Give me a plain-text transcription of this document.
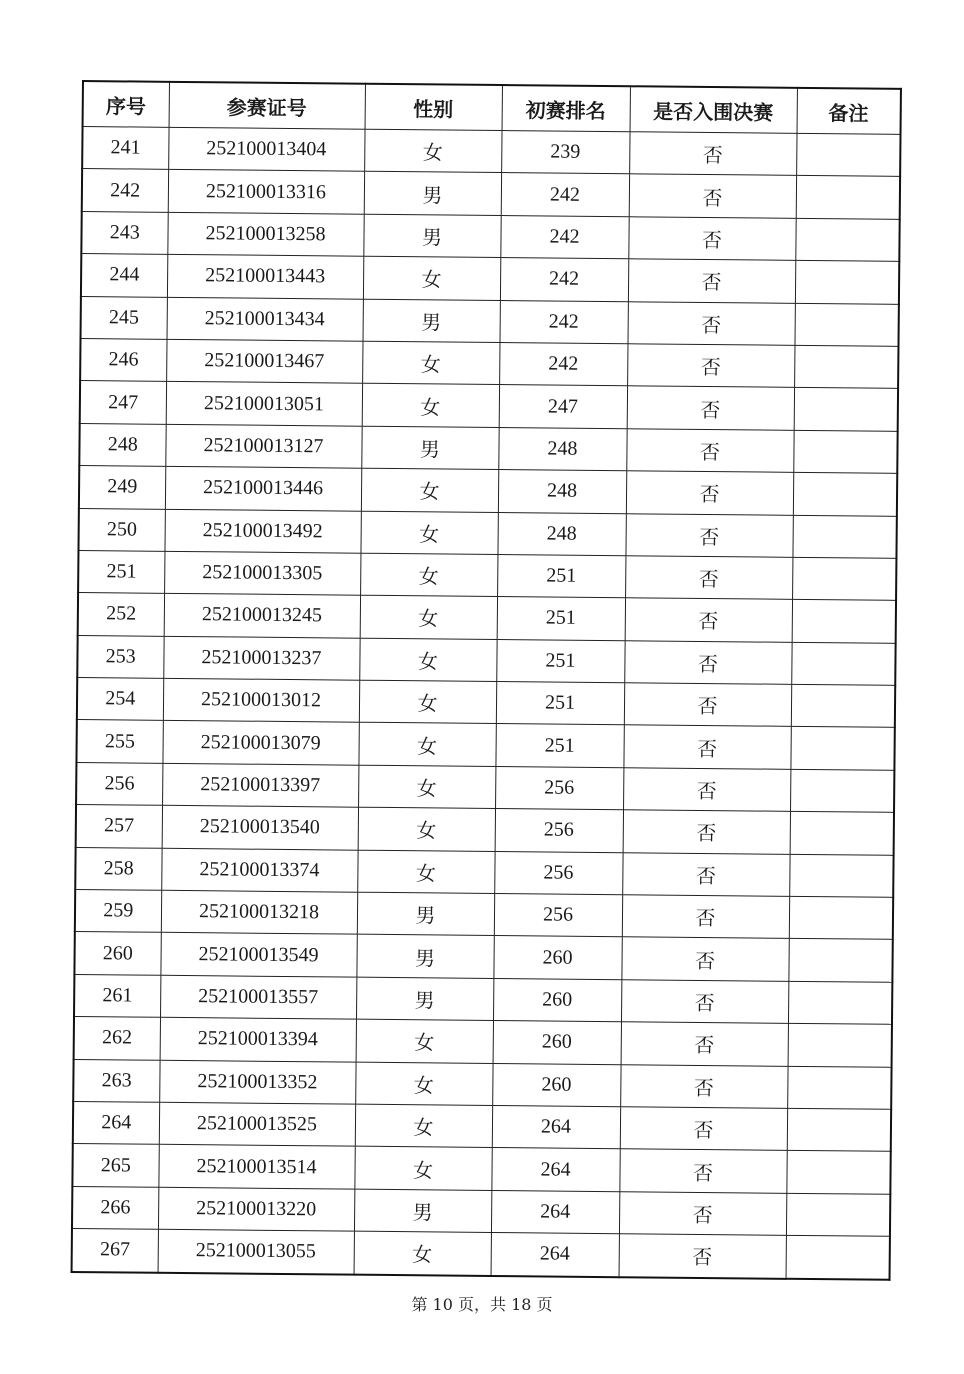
序号	参赛证号	性别	初赛排名	是否入围决赛	备注
241	252100013404	女	239	否	
242	252100013316	男	242	否	
243	252100013258	男	242	否	
244	252100013443	女	242	否	
245	252100013434	男	242	否	
246	252100013467	女	242	否	
247	252100013051	女	247	否	
248	252100013127	男	248	否	
249	252100013446	女	248	否	
250	252100013492	女	248	否	
251	252100013305	女	251	否	
252	252100013245	女	251	否	
253	252100013237	女	251	否	
254	252100013012	女	251	否	
255	252100013079	女	251	否	
256	252100013397	女	256	否	
257	252100013540	女	256	否	
258	252100013374	女	256	否	
259	252100013218	男	256	否	
260	252100013549	男	260	否	
261	252100013557	男	260	否	
262	252100013394	女	260	否	
263	252100013352	女	260	否	
264	252100013525	女	264	否	
265	252100013514	女	264	否	
266	252100013220	男	264	否	
267	252100013055	女	264	否	
第 10 页，共 18 页
